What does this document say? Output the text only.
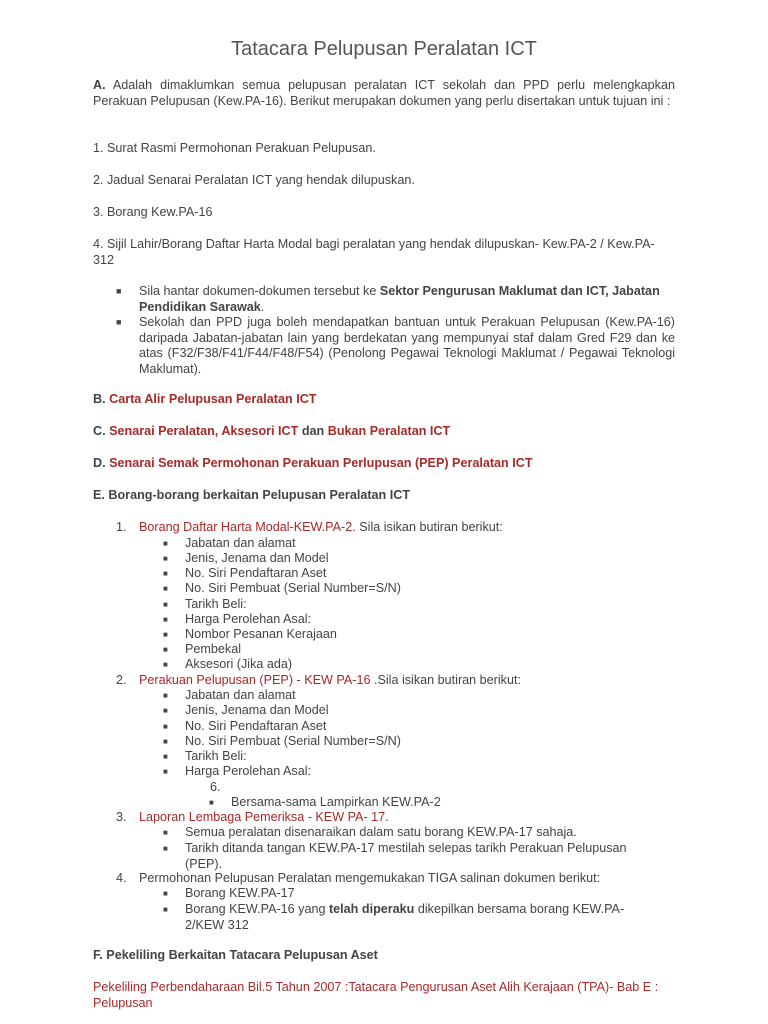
Tatacara Pelupusan Peralatan ICT
A. Adalah dimaklumkan semua pelupusan peralatan ICT sekolah dan PPD perlu melengkapkan Perakuan Pelupusan (Kew.PA-16). Berikut merupakan dokumen yang perlu disertakan untuk tujuan ini :
1. Surat Rasmi Permohonan Perakuan Pelupusan.
2. Jadual Senarai Peralatan ICT yang hendak dilupuskan.
3. Borang Kew.PA-16
4. Sijil Lahir/Borang Daftar Harta Modal bagi peralatan yang hendak dilupuskan- Kew.PA-2 / Kew.PA-312
■ Sila hantar dokumen-dokumen tersebut ke Sektor Pengurusan Maklumat dan ICT, Jabatan Pendidikan Sarawak.
■ Sekolah dan PPD juga boleh mendapatkan bantuan untuk Perakuan Pelupusan (Kew.PA-16) daripada Jabatan-jabatan lain yang berdekatan yang mempunyai staf dalam Gred F29 dan ke atas (F32/F38/F41/F44/F48/F54) (Penolong Pegawai Teknologi Maklumat / Pegawai Teknologi Maklumat).
B. Carta Alir Pelupusan Peralatan ICT
C. Senarai Peralatan, Aksesori ICT dan Bukan Peralatan ICT
D. Senarai Semak Permohonan Perakuan Perlupusan (PEP) Peralatan ICT
E. Borang-borang berkaitan Pelupusan Peralatan ICT
1. Borang Daftar Harta Modal-KEW.PA-2. Sila isikan butiran berikut:
■ Jabatan dan alamat
■ Jenis, Jenama dan Model
■ No. Siri Pendaftaran Aset
■ No. Siri Pembuat (Serial Number=S/N)
■ Tarikh Beli:
■ Harga Perolehan Asal:
■ Nombor Pesanan Kerajaan
■ Pembekal
■ Aksesori (Jika ada)
2. Perakuan Pelupusan (PEP) - KEW PA-16 .Sila isikan butiran berikut:
■ Jabatan dan alamat
■ Jenis, Jenama dan Model
■ No. Siri Pendaftaran Aset
■ No. Siri Pembuat (Serial Number=S/N)
■ Tarikh Beli:
■ Harga Perolehan Asal:
6.
■ Bersama-sama Lampirkan KEW.PA-2
3. Laporan Lembaga Pemeriksa - KEW PA- 17.
■ Semua peralatan disenaraikan dalam satu borang KEW.PA-17 sahaja.
■ Tarikh ditanda tangan KEW.PA-17 mestilah selepas tarikh Perakuan Pelupusan (PEP).
4. Permohonan Pelupusan Peralatan mengemukakan TIGA salinan dokumen berikut:
■ Borang KEW.PA-17
■ Borang KEW.PA-16 yang telah diperaku dikepilkan bersama borang KEW.PA-2/KEW 312
F. Pekeliling Berkaitan Tatacara Pelupusan Aset
Pekeliling Perbendaharaan Bil.5 Tahun 2007 :Tatacara Pengurusan Aset Alih Kerajaan (TPA)- Bab E : Pelupusan
